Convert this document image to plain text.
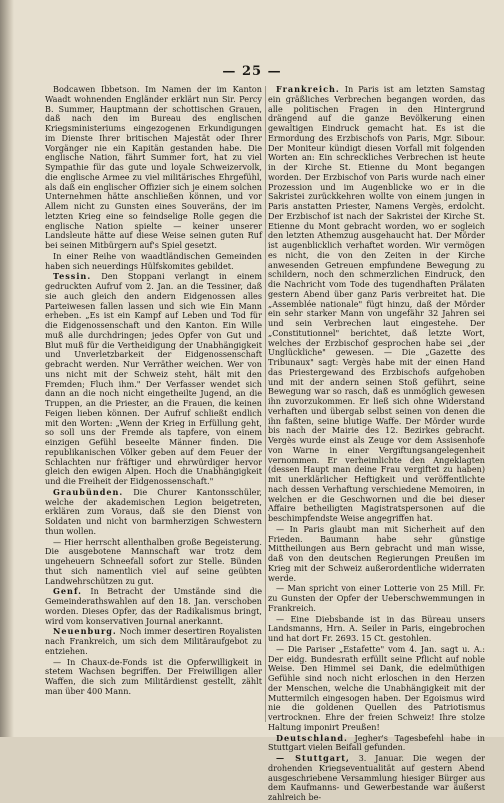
— 25 —

Bodcawen Ibbetson. Im Namen der im Kanton Waadt wohnenden Engländer erklärt nun Sir. Percy B. Summer, Hauptmann der schottischen Grauen, daß nach den im Bureau des englischen Kriegsministeriums eingezogenen Erkundigungen im Dienste Ihrer britischen Majestät oder Ihrer Vorgänger nie ein Kapitän gestanden habe. Die englische Nation, fährt Summer fort, hat zu viel Sympathie für das gute und loyale Schweizervolk, die englische Armee zu viel militärisches Ehrgefühl, als daß ein englischer Offizier sich je einem solchen Unternehmen hätte anschließen können, und vor Allem nicht zu Gunsten eines Souveräns, der im letzten Krieg eine so feindselige Rolle gegen die englische Nation spielte — keiner unserer Landsleute hätte auf diese Weise seinen guten Ruf bei seinen Mitbürgern auf's Spiel gesetzt.

In einer Reihe von waadtländischen Gemeinden haben sich neuerdings Hülfskomites gebildet.

Tessin. Den Stoppani verlangt in einem gedruckten Aufruf vom 2. Jan. an die Tessiner, daß sie auch gleich den andern Eidgenossen alles Parteiwesen fallen lassen und sich wie Ein Mann erheben. „Es ist ein Kampf auf Leben und Tod für die Eidgenossenschaft und den Kanton. Ein Wille muß alle durchdringen; jedes Opfer von Gut und Blut muß für die Vertheidigung der Unabhängigkeit und Unverletzbarkeit der Eidgenossenschaft gebracht werden. Nur Verräther weichen. Wer von uns nicht mit der Schweiz steht, hält mit den Fremden; Fluch ihm." Der Verfasser wendet sich dann an die noch nicht eingetheilte Jugend, an die Truppen, an die Priester, an die Frauen, die keinen Feigen lieben können. Der Aufruf schließt endlich mit den Worten: „Wenn der Krieg in Erfüllung geht, so soll uns der Fremde als tapfere, von einem einzigen Gefühl beseelte Männer finden. Die republikanischen Völker geben auf dem Feuer der Schlachten nur fräftiger und ehrwürdiger hervor gleich den ewigen Alpen. Hoch die Unabhängigkeit und die Freiheit der Eidgenossenschaft."

Graubünden. Die Churer Kantonsschüler, welche der akademischen Legion beigetreten, erklären zum Voraus, daß sie den Dienst von Soldaten und nicht von barmherzigen Schwestern thun wollen.

— Hier herrscht allenthalben große Begeisterung. Die ausgebotene Mannschaft war trotz dem ungeheuern Schneefall sofort zur Stelle. Bünden thut sich namentlich viel auf seine geübten Landwehrschützen zu gut.

Genf. In Betracht der Umstände sind die Gemeinderathswahlen auf den 18. Jan. verschoben worden. Dieses Opfer, das der Radikalismus bringt, wird vom konservativen Journal anerkannt.

Neuenburg. Noch immer desertiren Royalisten nach Frankreich, um sich dem Militäraufgebot zu entziehen.

— In Chaux-de-Fonds ist die Opferwilligkeit in stetem Wachsen begriffen. Der Freiwilligen aller Waffen, die sich zum Militärdienst gestellt, zählt man über 400 Mann.

Frankreich. In Paris ist am letzten Samstag ein gräßliches Verbrechen begangen worden, das alle politischen Fragen in den Hintergrund drängend auf die ganze Bevölkerung einen gewaltigen Eindruck gemacht hat. Es ist die Ermordung des Erzbischofs von Paris, Mgr. Sibour. Der Moniteur kündigt diesen Vorfall mit folgenden Worten an: Ein schreckliches Verbrechen ist heute in der Kirche St. Etienne du Mont begangen worden. Der Erzbischof von Paris wurde nach einer Prozession und im Augenblicke wo er in die Sakristei zurückkehren wollte von einem jungen in Paris anstatten Priester, Namens Vergès, erdolcht. Der Erzbischof ist nach der Sakristei der Kirche St. Etienne du Mont gebracht worden, wo er sogleich den letzten Athemzug ausgehaucht hat. Der Mörder ist augenblicklich verhaftet worden. Wir vermögen es nicht, die von den Zeiten in der Kirche anwesenden Getreuen empfundene Bewegung zu schildern, noch den schmerzlichen Eindruck, den die Nachricht vom Tode des tugendhaften Prälaten gestern Abend über ganz Paris verbreitet hat. Die „Assemblée nationale" fügt hinzu, daß der Mörder ein sehr starker Mann von ungefähr 32 Jahren sei und sein Verbrechen laut eingestehe. Der „Constitutionnel" berichtet, daß letzte Wort, welches der Erzbischof gesprochen habe sei „der Unglückliche" gewesen. — Die „Gazette des Tribunaux" sagt: Vergès habe mit der einen Hand das Priestergewand des Erzbischofs aufgehoben und mit der andern seinen Stoß geführt, seine Bewegung war so rasch, daß es unmöglich gewesen ihn zuvorzukommen. Er ließ sich ohne Widerstand verhaften und übergab selbst seinen von denen die ihn faßten, seine blutige Waffe. Der Mörder wurde bis nach der Mairie des 12. Bezirkes gebracht. Vergès wurde einst als Zeuge vor dem Assisenhofe von Warne in einer Vergiftungsangelegenheit vernommen. Er verheimlichte den Angeklagten (dessen Haupt man deine Frau vergiftet zu haben) mit unerklärlicher Heftigkeit und veröffentlichte nach dessen Verhaftung verschiedene Memoiren, in welchen er die Geschwornen und die bei dieser Affaire betheiligten Magistratspersonen auf die beschimpfendste Weise angegriffen hat.

— In Paris glaubt man mit Sicherheit auf den Frieden. Baumann habe sehr günstige Mittheilungen aus Bern gebracht und man wisse, daß von den deutschen Regierungen Preußen im Krieg mit der Schweiz außerordentliche widerraten werde.

— Man spricht von einer Lotterie von 25 Mill. Fr. zu Gunsten der Opfer der Ueberschwemmungen in Frankreich.

— Eine Diebsbande ist in das Büreau unsers Landsmanns, Hrn. A. Seiler in Paris, eingebrochen und hat dort Fr. 2693. 15 Ct. gestohlen.

— Die Pariser „Estafette" vom 4. Jan. sagt u. A.: Der eidg. Bundesrath erfüllt seine Pflicht auf noble Weise. Den Himmel sei Dank, die edelmüthigen Gefühle sind noch nicht erloschen in den Herzen der Menschen, welche die Unabhängigkeit mit der Muttermilch eingesogen haben. Der Egoismus wird nie die goldenen Quellen des Patriotismus vertrocknen. Ehre der freien Schweiz! Ihre stolze Haltung imponirt Preußen!

Deutschland. Jegher's Tagesbefehl habe in Stuttgart vielen Beifall gefunden.

— Stuttgart, 3. Januar. Die wegen der drohenden Kriegseventualität auf gestern Abend ausgeschriebene Versammlung hiesiger Bürger aus dem Kaufmanns- und Gewerbestande war äußerst zahlreich be-
